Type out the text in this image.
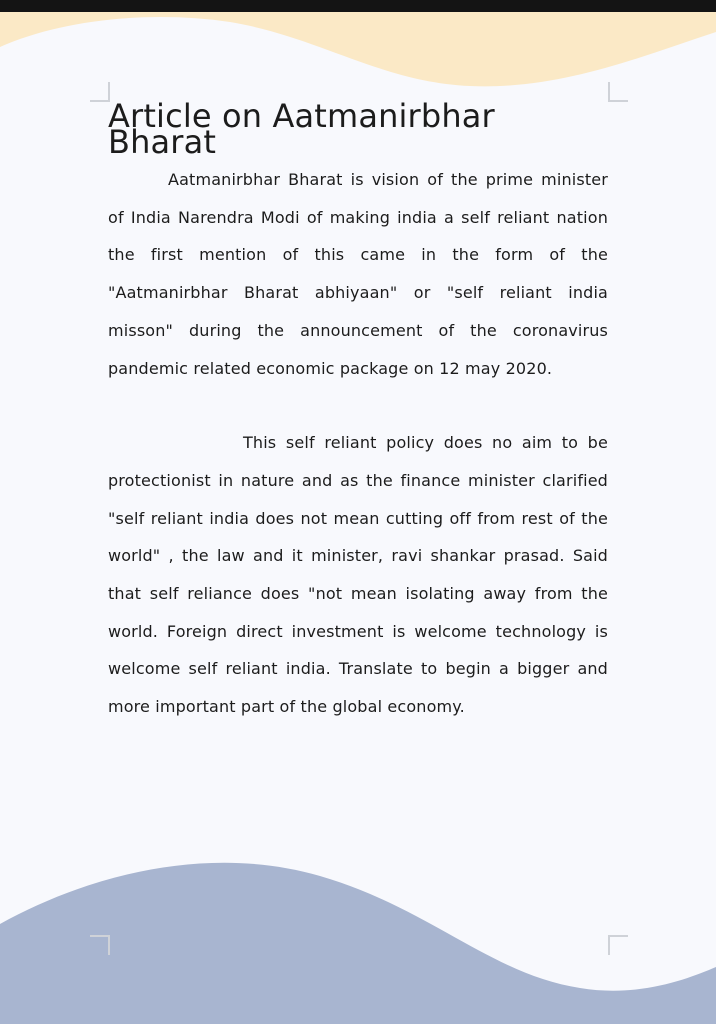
Article on Aatmanirbhar Bharat

Aatmanirbhar Bharat is vision of the prime minister of India Narendra Modi of making india a self reliant nation the first mention of this came in the form of the "Aatmanirbhar Bharat abhiyaan" or "self reliant india misson" during the announcement of the coronavirus pandemic related economic package on 12 may 2020.

This self reliant policy does no aim to be protectionist in nature and as the finance minister clarified "self reliant india does not mean cutting off from rest of the world" , the law and it minister, ravi shankar prasad. Said that self reliance does "not mean isolating away from the world. Foreign direct investment is welcome technology is welcome self reliant india. Translate to begin a bigger and more important part of the global economy.
